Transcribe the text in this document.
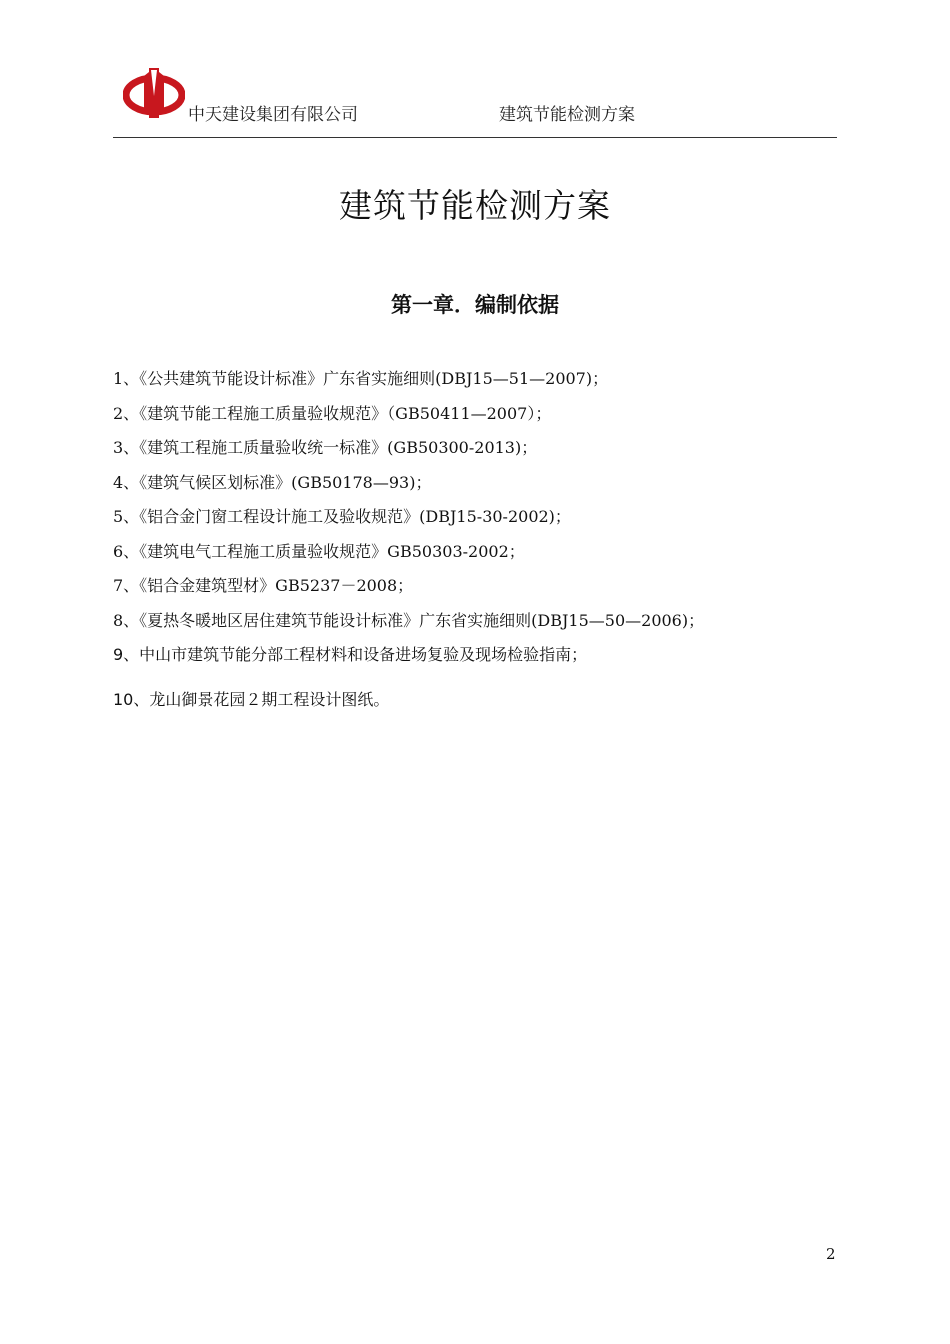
中天建设集团有限公司	建筑节能检测方案
建筑节能检测方案
第一章．编制依据
1、《公共建筑节能设计标准》广东省实施细则(DBJ15—51—2007)；
2、《建筑节能工程施工质量验收规范》（GB50411—2007）；
3、《建筑工程施工质量验收统一标准》(GB50300-2013)；
4、《建筑气候区划标准》(GB50178—93)；
5、《铝合金门窗工程设计施工及验收规范》(DBJ15-30-2002)；
6、《建筑电气工程施工质量验收规范》GB50303-2002；
7、《铝合金建筑型材》GB5237－2008；
8、《夏热冬暖地区居住建筑节能设计标准》广东省实施细则(DBJ15—50—2006)；
9、中山市建筑节能分部工程材料和设备进场复验及现场检验指南；
10、龙山御景花园２期工程设计图纸。
2
